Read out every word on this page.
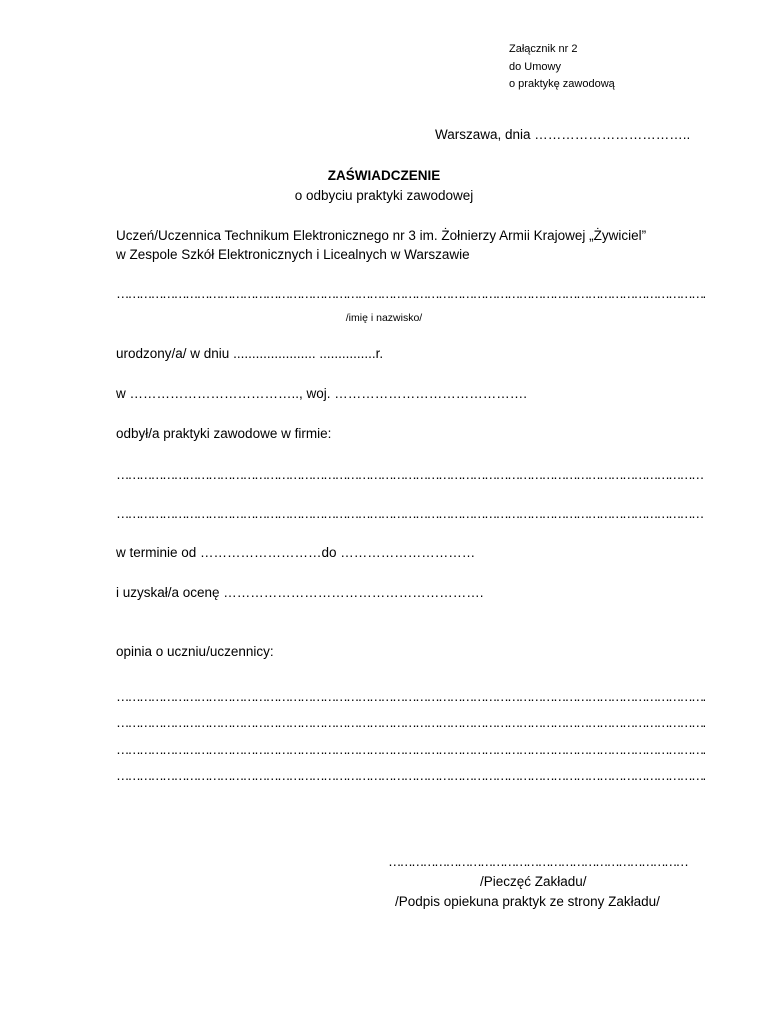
Załącznik nr 2
do Umowy
o praktykę zawodową
Warszawa, dnia ……………………………..
ZAŚWIADCZENIE
o odbyciu praktyki zawodowej
Uczeń/Uczennica Technikum Elektronicznego nr 3 im. Żołnierzy Armii Krajowej „Żywiciel”
w Zespole Szkół Elektronicznych i Licealnych w Warszawie
……………………………………………………………………………………………………………………………………….
/imię i nazwisko/
urodzony/a/ w dniu ...................... ...............r.
w ……………………………….., woj. …………………………………….
odbył/a praktyki zawodowe w firmie:
………………………………………………………………………………………………………………………………………
………………………………………………………………………………………………………………………………………
w terminie od ………………………do …………………………
i uzyskał/a ocenę ………………………………………………….
opinia o uczniu/uczennicy:
……………………………………………………………………………………………………………………………………….
……………………………………………………………………………………………………………………………………….
……………………………………………………………………………………………………………………………………….
……………………………………………………………………………………………………………………………………….
……………………………………………………………………
/Pieczęć Zakładu/
/Podpis opiekuna praktyk ze strony Zakładu/
